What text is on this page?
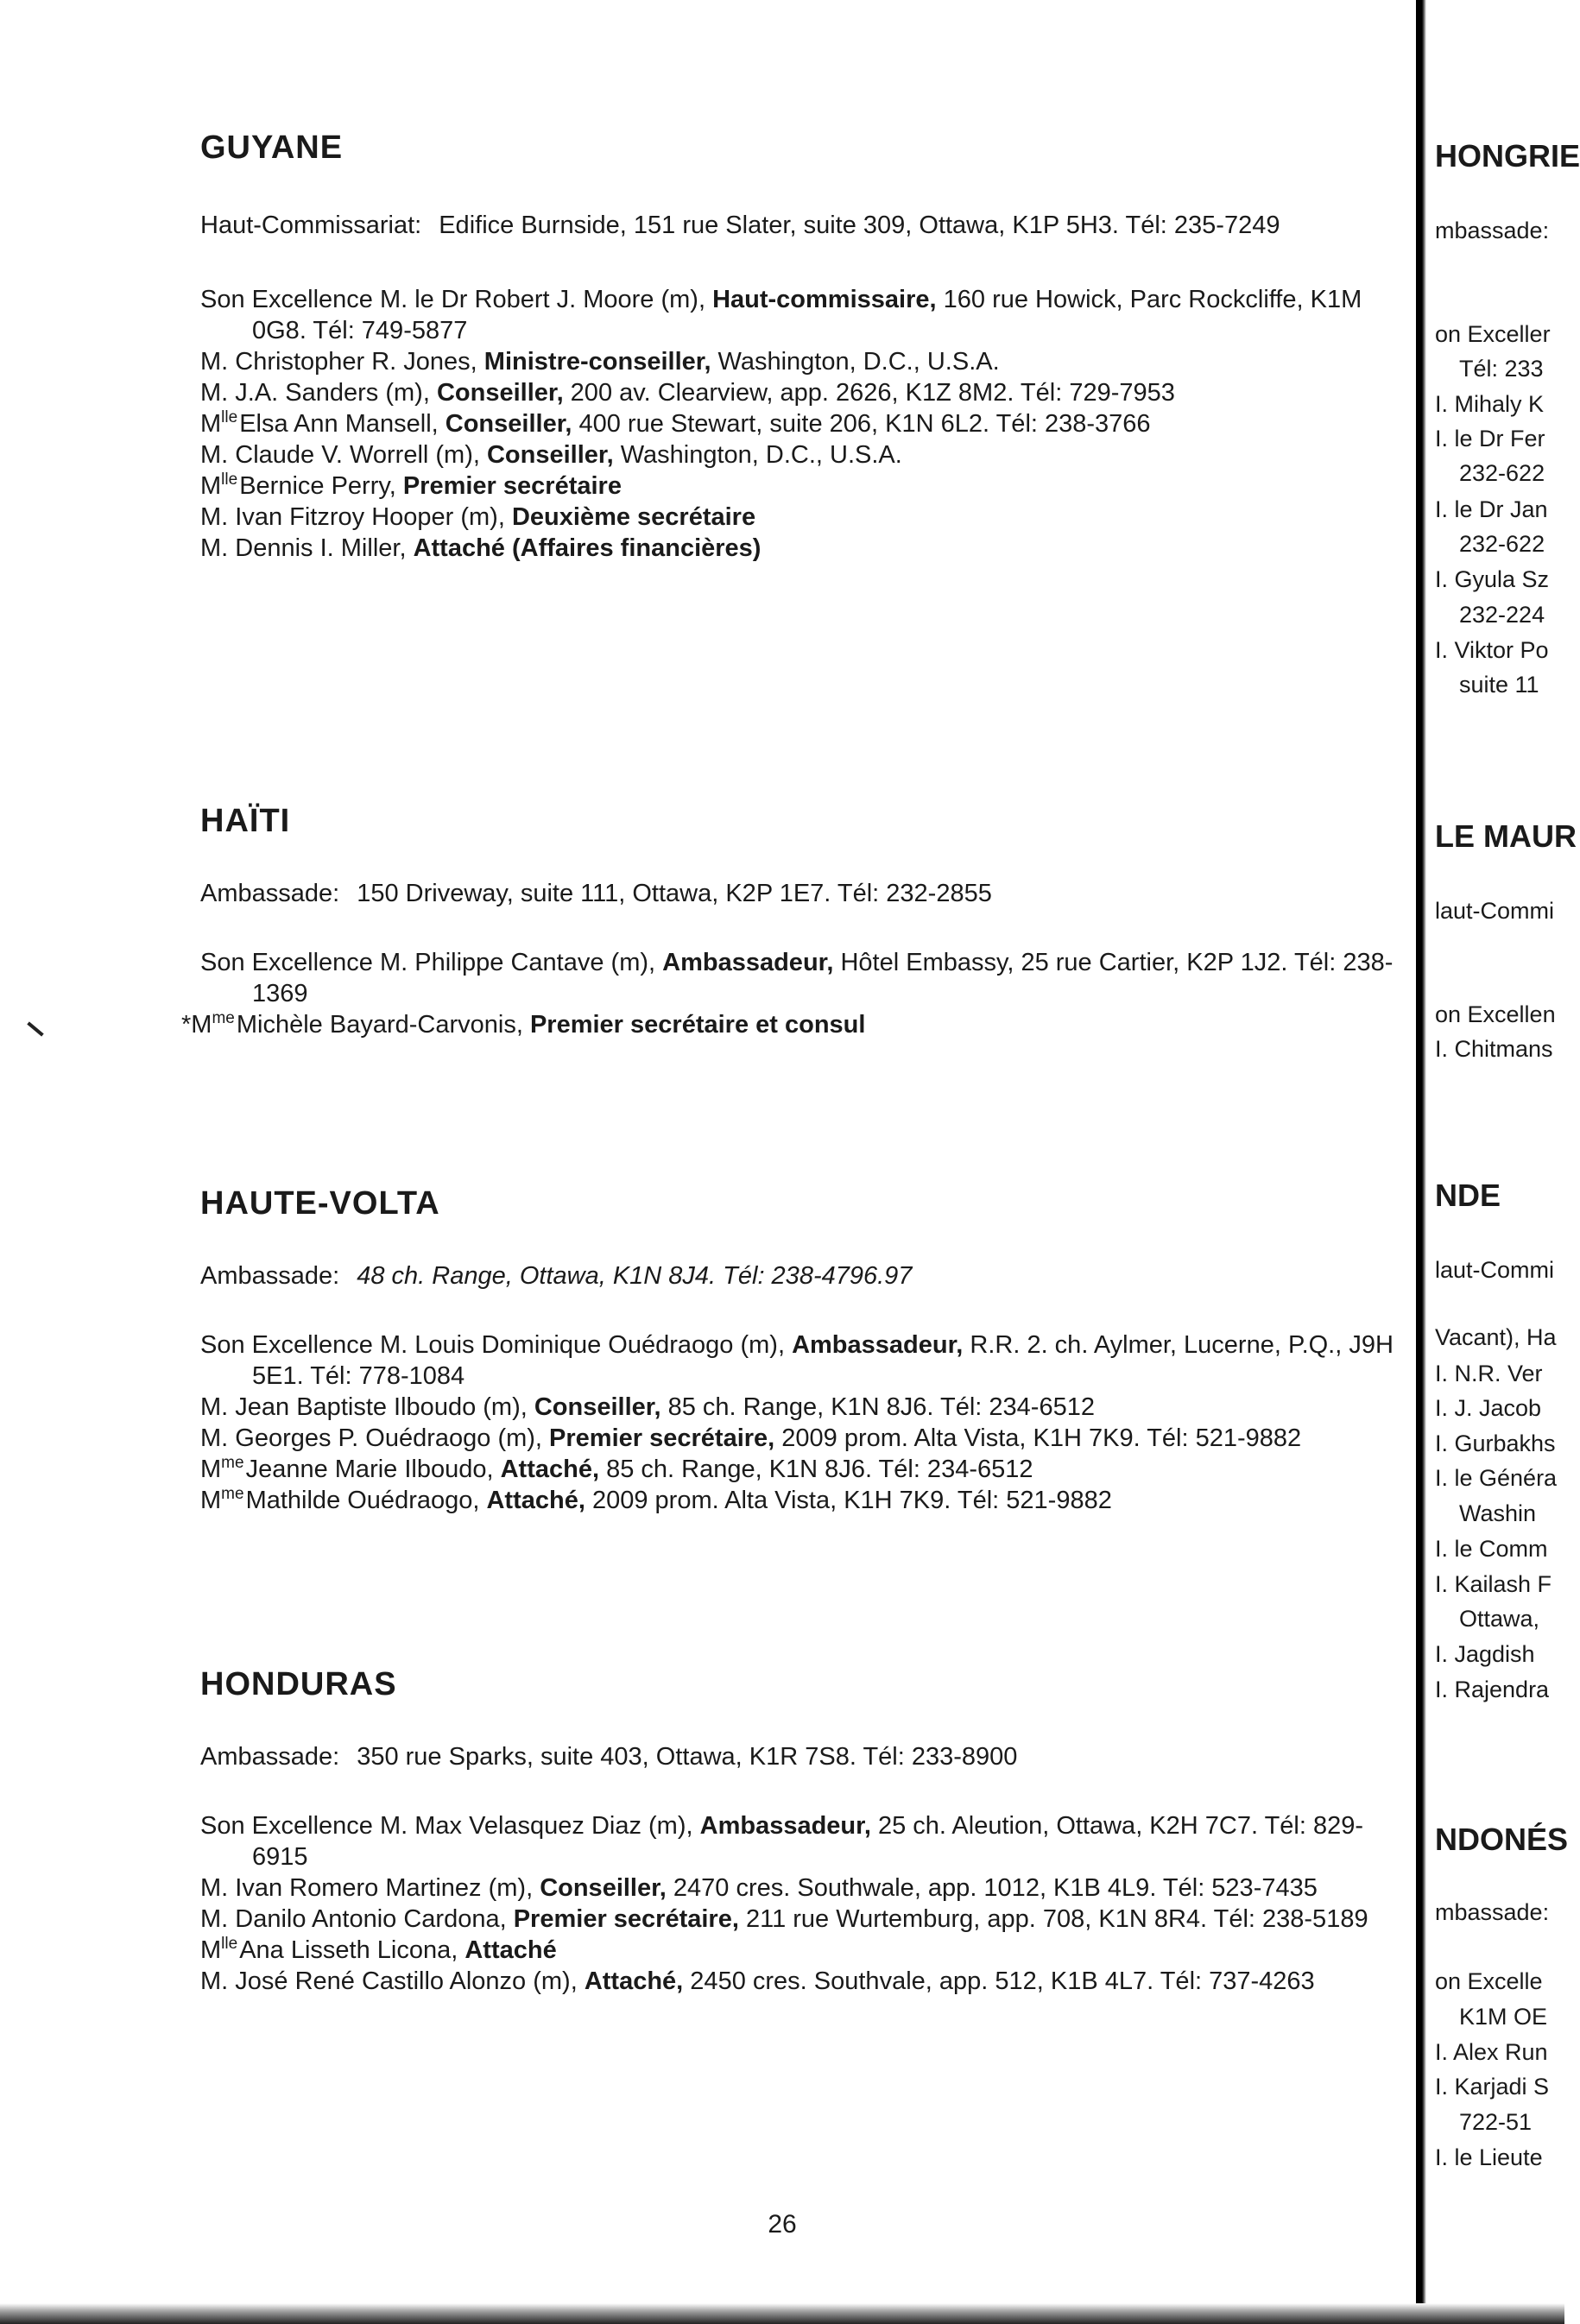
GUYANE
Haut-Commissariat: Edifice Burnside, 151 rue Slater, suite 309, Ottawa, K1P 5H3. Tél: 235-7249

Son Excellence M. le Dr Robert J. Moore (m), Haut-commissaire, 160 rue Howick, Parc Rockcliffe, K1M 0G8. Tél: 749-5877

M. Christopher R. Jones, Ministre-conseiller, Washington, D.C., U.S.A.

M. J.A. Sanders (m), Conseiller, 200 av. Clearview, app. 2626, K1Z 8M2. Tél: 729-7953

$M^{lle}Elsa$ Ann Mansell, Conseiller, 400 rue Stewart, suite 206, K1N 6L2. Tél: 238-3766

M. Claude V. Worrell (m), Conseiller, Washington, D.C., U.S.A.

$M^{lle}Bernice$ Perry, Premier secrétaire

M. Ivan Fitzroy Hooper (m), Deuxième secrétaire

M. Dennis I. Miller, Attaché (Affaires financières)

HAÏTI
Ambassade: 150 Driveway, suite 111, Ottawa, K2P 1E7. Tél: 232-2855

Son Excellence M. Philippe Cantave (m), Ambassadeur, Hôtel Embassy, 25 rue Cartier, K2P 1J2. Tél: 238-1369

$*M^{me}Michèle$ Bayard-Carvonis, Premier secrétaire et consul

HAUTE-VOLTA
Ambassade: 48 ch. Range, Ottawa, K1N 8J4. Tél: 238-4796.97

Son Excellence M. Louis Dominique Ouédraogo (m), Ambassadeur, R.R. 2. ch. Aylmer, Lucerne, P.Q., J9H 5E1. Tél: 778-1084

M. Jean Baptiste Ilboudo (m), Conseiller, 85 ch. Range, K1N 8J6. Tél: 234-6512

M. Georges P. Ouédraogo (m), Premier secrétaire, 2009 prom. Alta Vista, K1H 7K9. Tél: 521-9882

$M^{me}Jeanne$ Marie Ilboudo, Attaché, 85 ch. Range, K1N 8J6. Tél: 234-6512

$M^{me}Mathilde$ Ouédraogo, Attaché, 2009 prom. Alta Vista, K1H 7K9. Tél: 521-9882

HONDURAS
Ambassade: 350 rue Sparks, suite 403, Ottawa, K1R 7S8. Tél: 233-8900

Son Excellence M. Max Velasquez Diaz (m), Ambassadeur, 25 ch. Aleution, Ottawa, K2H 7C7. Tél: 829-6915

M. Ivan Romero Martinez (m), Conseiller, 2470 cres. Southwale, app. 1012, K1B 4L9. Tél: 523-7435

M. Danilo Antonio Cardona, Premier secrétaire, 211 rue Wurtemburg, app. 708, K1N 8R4. Tél: 238-5189

$M^{lle}Ana$ Lisseth Licona, Attaché

M. José René Castillo Alonzo (m), Attaché, 2450 cres. Southvale, app. 512, K1B 4L7. Tél: 737-4263

26
HONGRIE
mbassade:
on Exceller
Tél: 233
I. Mihaly K
I. le Dr Fer
232-622
I. le Dr Jan
232-622
I. Gyula Sz
232-224
I. Viktor Po
suite 11
LE MAUR
laut-Commi
on Excellen
I. Chitmans
NDE
laut-Commi
Vacant), Ha
I. N.R. Ver
I. J. Jacob
I. Gurbakhs
I. le Généra
Washin
I. le Comm
I. Kailash F
Ottawa,
I. Jagdish
I. Rajendra
NDONÉS
mbassade:
on Excelle
K1M OE
I. Alex Run
I. Karjadi S
722-51
I. le Lieute
